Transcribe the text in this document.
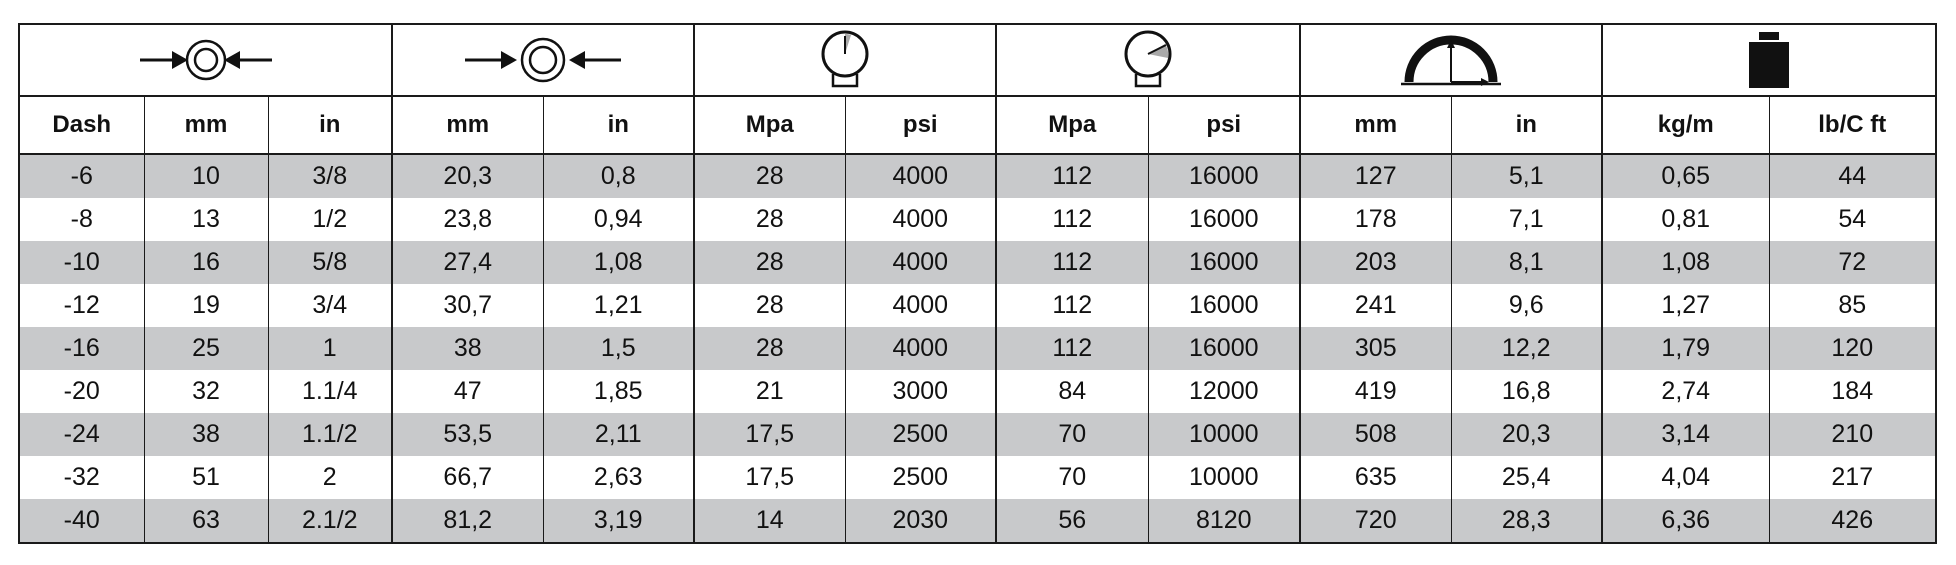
Dash	mm	in	mm	in	Mpa	psi	Mpa	psi	mm	in	kg/m	lb/C ft
-6	10	3/8	20,3	0,8	28	4000	112	16000	127	5,1	0,65	44
-8	13	1/2	23,8	0,94	28	4000	112	16000	178	7,1	0,81	54
-10	16	5/8	27,4	1,08	28	4000	112	16000	203	8,1	1,08	72
-12	19	3/4	30,7	1,21	28	4000	112	16000	241	9,6	1,27	85
-16	25	1	38	1,5	28	4000	112	16000	305	12,2	1,79	120
-20	32	1.1/4	47	1,85	21	3000	84	12000	419	16,8	2,74	184
-24	38	1.1/2	53,5	2,11	17,5	2500	70	10000	508	20,3	3,14	210
-32	51	2	66,7	2,63	17,5	2500	70	10000	635	25,4	4,04	217
-40	63	2.1/2	81,2	3,19	14	2030	56	8120	720	28,3	6,36	426
